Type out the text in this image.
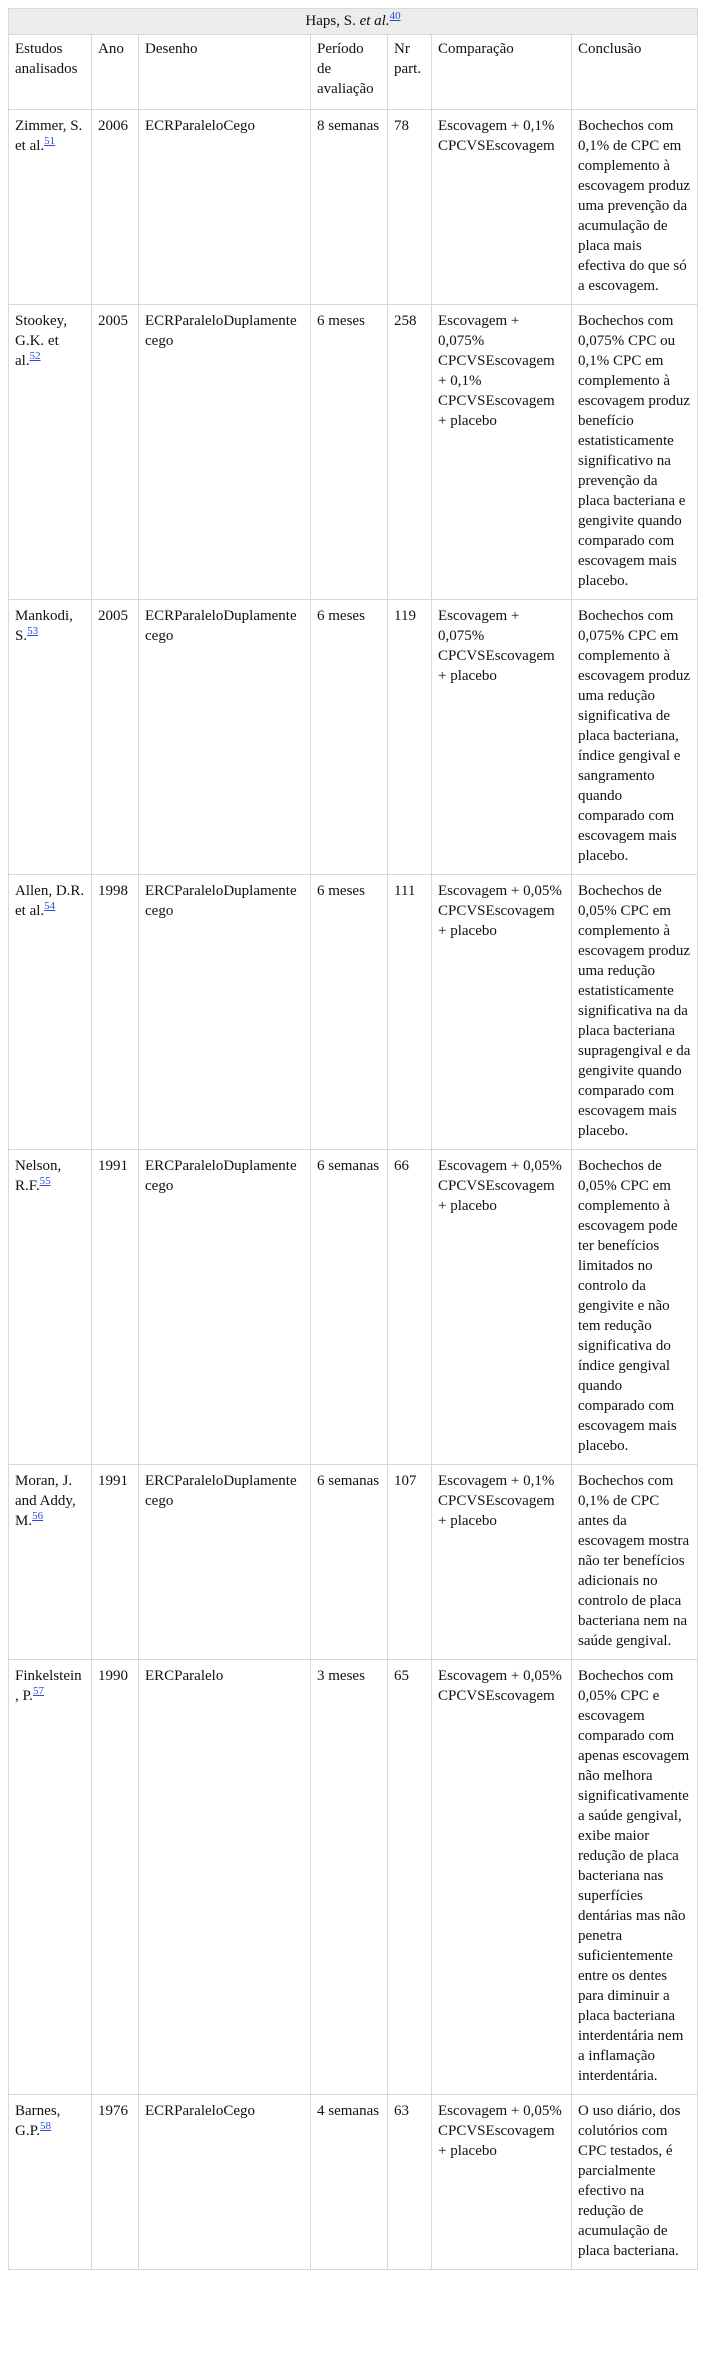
Haps, S. et al.$^{40}$
Estudos analisados	Ano	Desenho	Período de avaliação	Nr part.	Comparação	Conclusão
Zimmer, S. et al.$^{51}$	2006	ECRParaleloCego	8 semanas	78	Escovagem + 0,1% CPCVSEscovagem	Bochechos com 0,1% de CPC em complemento à escovagem produz uma prevenção da acumulação de placa mais efectiva do que só a escovagem.
Stookey, G.K. et al.$^{52}$	2005	ECRParaleloDuplamente cego	6 meses	258	Escovagem + 0,075% CPCVSEscovagem + 0,1% CPCVSEscovagem + placebo	Bochechos com 0,075% CPC ou 0,1% CPC em complemento à escovagem produz benefício estatisticamente significativo na prevenção da placa bacteriana e gengivite quando comparado com escovagem mais placebo.
Mankodi, S.$^{53}$	2005	ECRParaleloDuplamente cego	6 meses	119	Escovagem + 0,075% CPCVSEscovagem + placebo	Bochechos com 0,075% CPC em complemento à escovagem produz uma redução significativa de placa bacteriana, índice gengival e sangramento quando comparado com escovagem mais placebo.
Allen, D.R. et al.$^{54}$	1998	ERCParaleloDuplamente cego	6 meses	111	Escovagem + 0,05% CPCVSEscovagem + placebo	Bochechos de 0,05% CPC em complemento à escovagem produz uma redução estatisticamente significativa na da placa bacteriana supragengival e da gengivite quando comparado com escovagem mais placebo.
Nelson, R.F.$^{55}$	1991	ERCParaleloDuplamente cego	6 semanas	66	Escovagem + 0,05% CPCVSEscovagem + placebo	Bochechos de 0,05% CPC em complemento à escovagem pode ter benefícios limitados no controlo da gengivite e não tem redução significativa do índice gengival quando comparado com escovagem mais placebo.
Moran, J. and Addy, M.$^{56}$	1991	ERCParaleloDuplamente cego	6 semanas	107	Escovagem + 0,1% CPCVSEscovagem + placebo	Bochechos com 0,1% de CPC antes da escovagem mostra não ter benefícios adicionais no controlo de placa bacteriana nem na saúde gengival.
Finkelstein, P.$^{57}$	1990	ERCParalelo	3 meses	65	Escovagem + 0,05% CPCVSEscovagem	Bochechos com 0,05% CPC e escovagem comparado com apenas escovagem não melhora significativamente a saúde gengival, exibe maior redução de placa bacteriana nas superfícies dentárias mas não penetra suficientemente entre os dentes para diminuir a placa bacteriana interdentária nem a inflamação interdentária.
Barnes, G.P.$^{58}$	1976	ECRParaleloCego	4 semanas	63	Escovagem + 0,05% CPCVSEscovagem + placebo	O uso diário, dos colutórios com CPC testados, é parcialmente efectivo na redução de acumulação de placa bacteriana.
